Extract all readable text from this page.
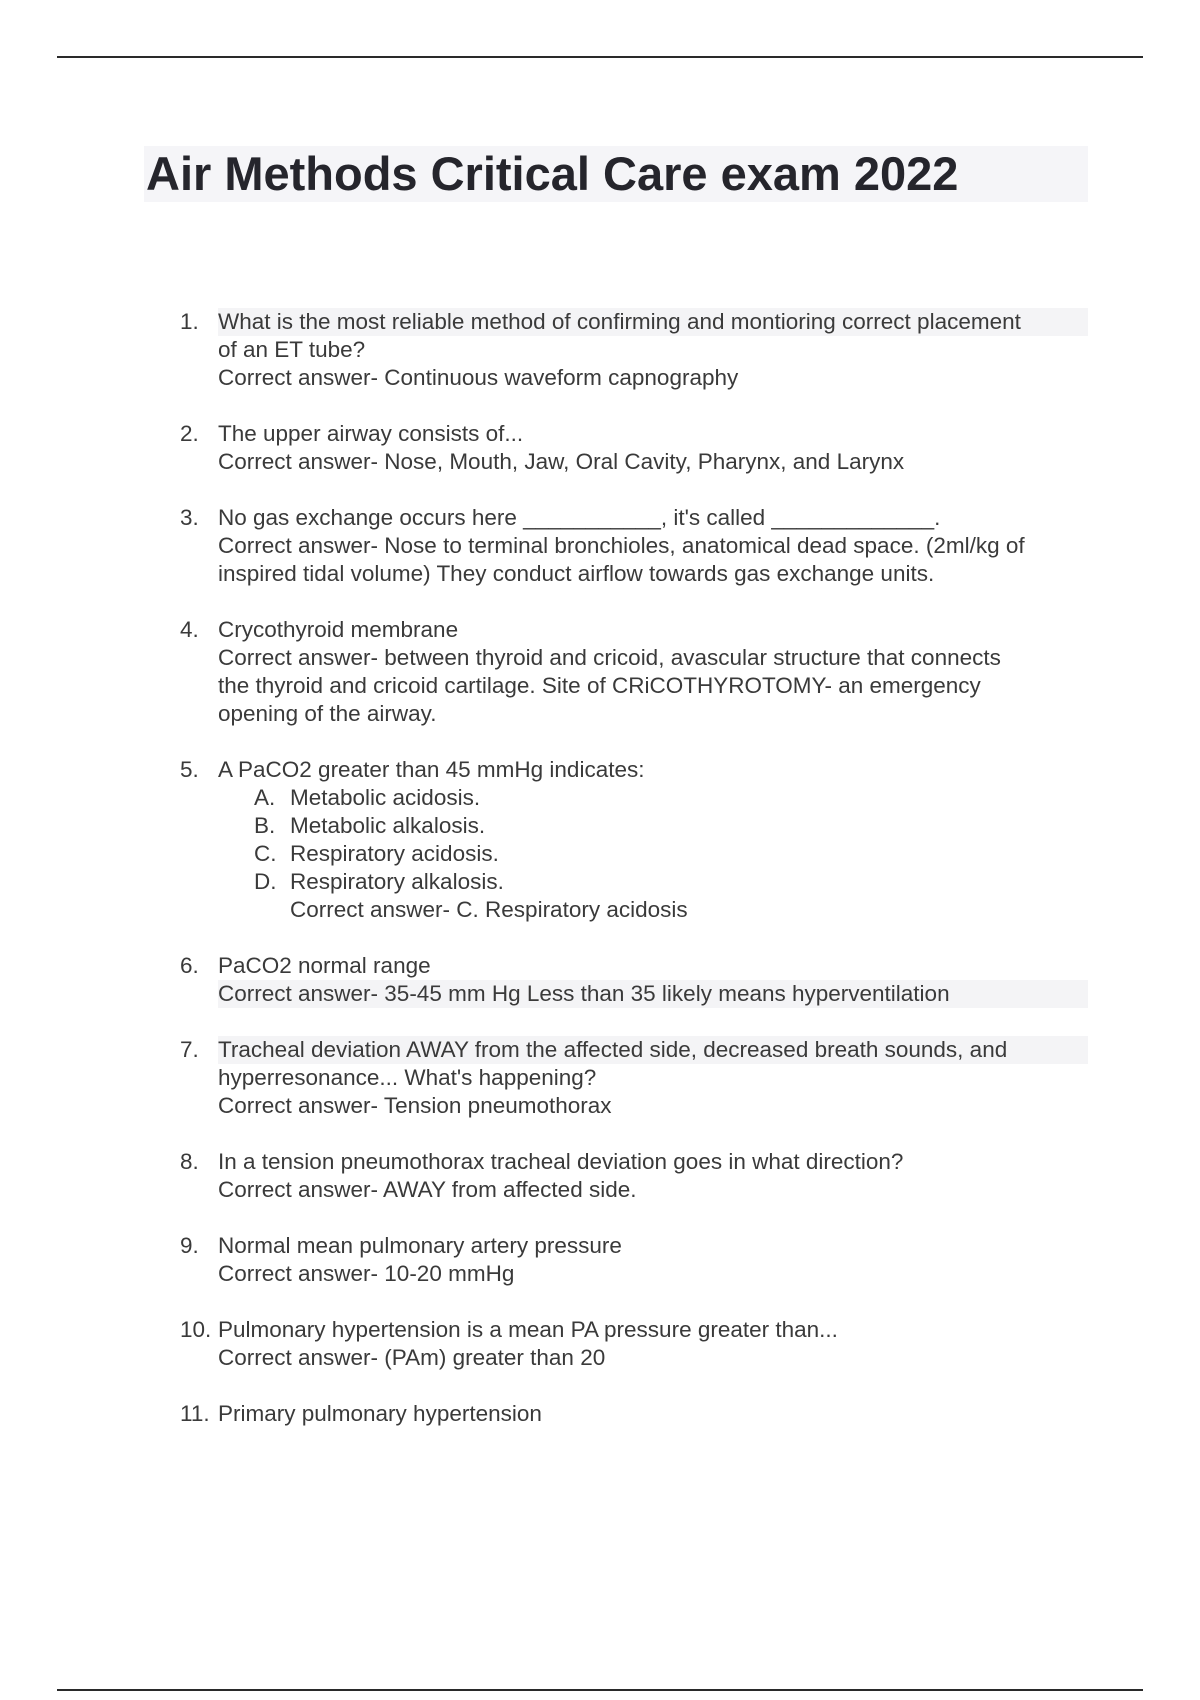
Air Methods Critical Care exam 2022
1. What is the most reliable method of confirming and montioring correct placement
of an ET tube?
Correct answer- Continuous waveform capnography
2. The upper airway consists of...
Correct answer- Nose, Mouth, Jaw, Oral Cavity, Pharynx, and Larynx
3. No gas exchange occurs here ___________, it's called _____________.
Correct answer- Nose to terminal bronchioles, anatomical dead space. (2ml/kg of
inspired tidal volume) They conduct airflow towards gas exchange units.
4. Crycothyroid membrane
Correct answer- between thyroid and cricoid, avascular structure that connects
the thyroid and cricoid cartilage. Site of CRiCOTHYROTOMY- an emergency
opening of the airway.
5. A PaCO2 greater than 45 mmHg indicates:
A. Metabolic acidosis.
B. Metabolic alkalosis.
C. Respiratory acidosis.
D. Respiratory alkalosis.
Correct answer- C. Respiratory acidosis
6. PaCO2 normal range
Correct answer- 35-45 mm Hg Less than 35 likely means hyperventilation
7. Tracheal deviation AWAY from the affected side, decreased breath sounds, and
hyperresonance... What's happening?
Correct answer- Tension pneumothorax
8. In a tension pneumothorax tracheal deviation goes in what direction?
Correct answer- AWAY from affected side.
9. Normal mean pulmonary artery pressure
Correct answer- 10-20 mmHg
10. Pulmonary hypertension is a mean PA pressure greater than...
Correct answer- (PAm) greater than 20
11. Primary pulmonary hypertension
